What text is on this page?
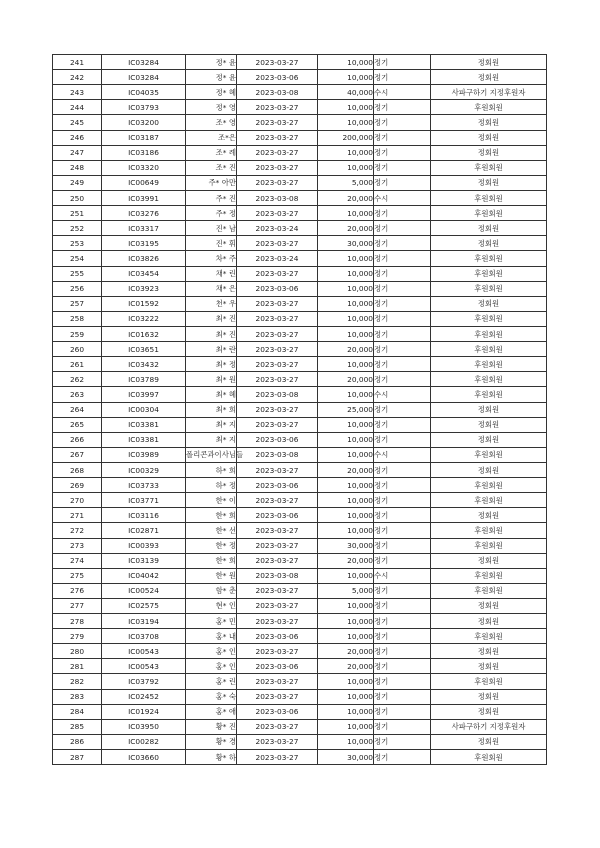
241	IC03284	정* 윤	2023-03-27	10,000	정기	정회원
242	IC03284	정* 윤	2023-03-06	10,000	정기	정회원
243	IC04035	정* 혜	2023-03-08	40,000	수시	사파구하기 지정후원자
244	IC03793	정* 영	2023-03-27	10,000	정기	후원회원
245	IC03200	조* 영	2023-03-27	10,000	정기	정회원
246	IC03187	조*은	2023-03-27	200,000	정기	정회원
247	IC03186	조* 례	2023-03-27	10,000	정기	정회원
248	IC03320	조* 진	2023-03-27	10,000	정기	후원회원
249	IC00649	주* 아만	2023-03-27	5,000	정기	정회원
250	IC03991	주* 진	2023-03-08	20,000	수시	후원회원
251	IC03276	주* 정	2023-03-27	10,000	정기	후원회원
252	IC03317	진* 남	2023-03-24	20,000	정기	정회원
253	IC03195	진* 휘	2023-03-27	30,000	정기	정회원
254	IC03826	차* 주	2023-03-24	10,000	정기	후원회원
255	IC03454	채* 린	2023-03-27	10,000	정기	후원회원
256	IC03923	채* 은	2023-03-06	10,000	정기	후원회원
257	IC01592	천* 우	2023-03-27	10,000	정기	정회원
258	IC03222	최* 진	2023-03-27	10,000	정기	후원회원
259	IC01632	최* 진	2023-03-27	10,000	정기	후원회원
260	IC03651	최* 란	2023-03-27	20,000	정기	후원회원
261	IC03432	최* 정	2023-03-27	10,000	정기	후원회원
262	IC03789	최* 원	2023-03-27	20,000	정기	후원회원
263	IC03997	최* 혜	2023-03-08	10,000	수시	후원회원
264	IC00304	최* 희	2023-03-27	25,000	정기	정회원
265	IC03381	최* 지	2023-03-27	10,000	정기	정회원
266	IC03381	최* 지	2023-03-06	10,000	정기	정회원
267	IC03989	폴리콘과이사님들	2023-03-08	10,000	수시	후원회원
268	IC00329	하* 희	2023-03-27	20,000	정기	정회원
269	IC03733	하* 정	2023-03-06	10,000	정기	후원회원
270	IC03771	한* 이	2023-03-27	10,000	정기	후원회원
271	IC03116	한* 희	2023-03-06	10,000	정기	정회원
272	IC02871	한* 선	2023-03-27	10,000	정기	후원회원
273	IC00393	한* 정	2023-03-27	30,000	정기	후원회원
274	IC03139	한* 희	2023-03-27	20,000	정기	정회원
275	IC04042	한* 원	2023-03-08	10,000	수시	후원회원
276	IC00524	함* 춘	2023-03-27	5,000	정기	후원회원
277	IC02575	현* 인	2023-03-27	10,000	정기	정회원
278	IC03194	홍* 민	2023-03-27	10,000	정기	정회원
279	IC03708	홍* 내	2023-03-06	10,000	정기	후원회원
280	IC00543	홍* 인	2023-03-27	20,000	정기	정회원
281	IC00543	홍* 인	2023-03-06	20,000	정기	정회원
282	IC03792	홍* 린	2023-03-27	10,000	정기	후원회원
283	IC02452	홍* 숙	2023-03-27	10,000	정기	정회원
284	IC01924	홍* 애	2023-03-06	10,000	정기	정회원
285	IC03950	황* 진	2023-03-27	10,000	정기	사파구하기 지정후원자
286	IC00282	황* 경	2023-03-27	10,000	정기	정회원
287	IC03660	황* 하	2023-03-27	30,000	정기	후원회원
